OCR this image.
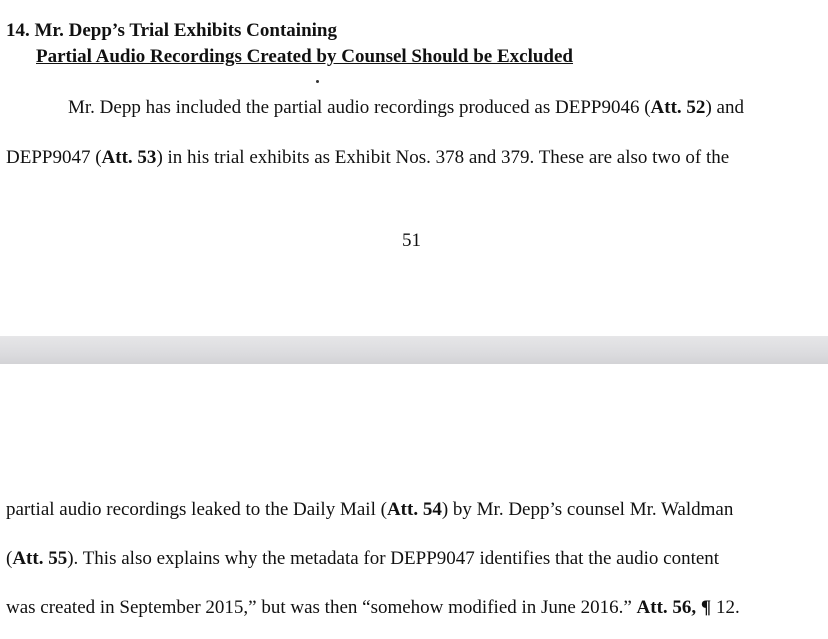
14. Mr. Depp’s Trial Exhibits Containing
Partial Audio Recordings Created by Counsel Should be Excluded
Mr. Depp has included the partial audio recordings produced as DEPP9046 (Att. 52) and
DEPP9047 (Att. 53) in his trial exhibits as Exhibit Nos. 378 and 379. These are also two of the
51
partial audio recordings leaked to the Daily Mail (Att. 54) by Mr. Depp’s counsel Mr. Waldman
(Att. 55). This also explains why the metadata for DEPP9047 identifies that the audio content
was created in September 2015,” but was then “somehow modified in June 2016.” Att. 56, ¶ 12.
